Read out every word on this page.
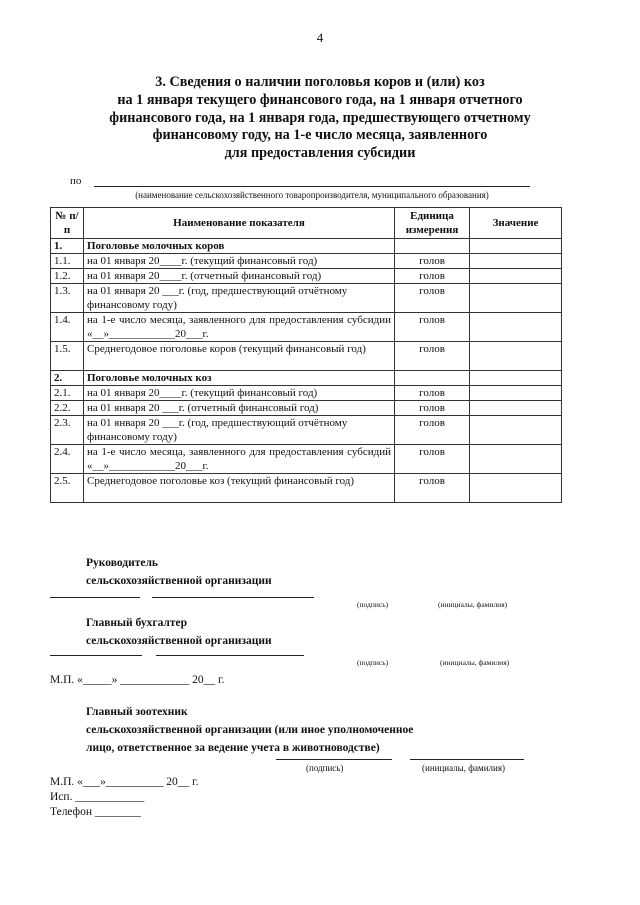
4
3. Сведения о наличии поголовья коров и (или) коз
на 1 января текущего финансового года, на 1 января отчетного
финансового года, на 1 января года, предшествующего отчетному
финансовому году, на 1-е число месяца, заявленного
для предоставления субсидии
по
(наименование сельскохозяйственного товаропроизводителя, муниципального образования)
№ п/п	Наименование показателя	Единица измерения	Значение
1.	Поголовье молочных коров		
1.1.	на 01 января 20____г. (текущий финансовый год)	голов	
1.2.	на 01 января 20____г. (отчетный финансовый год)	голов	
1.3.	на 01 января 20 ___г. (год, предшествующий отчётному финансовому году)	голов	
1.4.	на 1-е число месяца, заявленного для предоставления субсидии «__»____________20___г.	голов	
1.5.	Среднегодовое поголовье коров (текущий финансовый год)	голов	
2.	Поголовье молочных коз		
2.1.	на 01 января 20____г. (текущий финансовый год)	голов	
2.2.	на 01 января 20 ___г. (отчетный финансовый год)	голов	
2.3.	на 01 января 20 ___г. (год, предшествующий отчётному финансовому году)	голов	
2.4.	на 1-е число месяца, заявленного для предоставления субсидий «__»____________20___г.	голов	
2.5.	Среднегодовое поголовье коз (текущий финансовый год)	голов	
Руководитель
сельскохозяйственной организации
(подпись)	(инициалы, фамилия)
Главный бухгалтер
сельскохозяйственной организации
(подпись)	(инициалы, фамилия)
М.П. «_____» ____________ 20__ г.
Главный зоотехник
сельскохозяйственной организации (или иное уполномоченное
лицо, ответственное за ведение учета в животноводстве)
(подпись)	(инициалы, фамилия)
М.П. «___»__________ 20__ г.
Исп. ____________
Телефон ________
